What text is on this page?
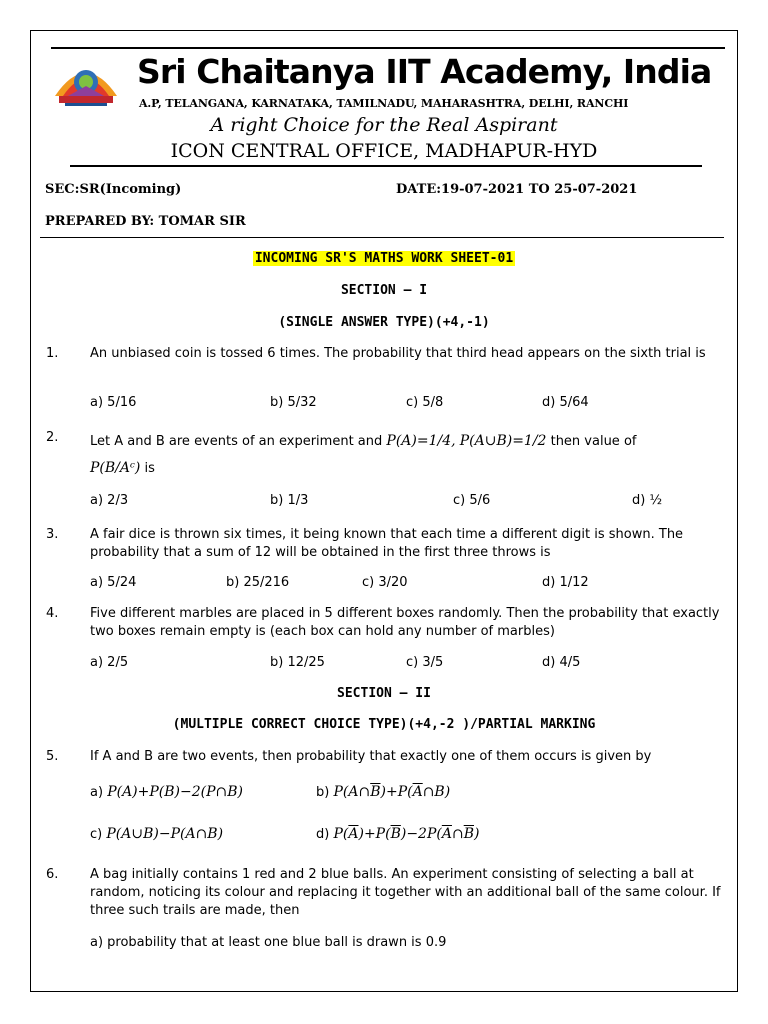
Sri Chaitanya IIT Academy, India
A.P, TELANGANA, KARNATAKA, TAMILNADU, MAHARASHTRA, DELHI, RANCHI
A right Choice for the Real Aspirant
ICON CENTRAL OFFICE, MADHAPUR-HYD
SEC:SR(Incoming)	DATE:19-07-2021 TO 25-07-2021
PREPARED BY: TOMAR SIR
INCOMING SR'S MATHS WORK SHEET-01
SECTION – I
(SINGLE ANSWER TYPE)(+4,-1)
1. An unbiased coin is tossed 6 times. The probability that third head appears on the sixth trial is
a) 5/16	b) 5/32	c) 5/8	d) 5/64
2. Let A and B are events of an experiment and P(A)=1/4, P(A∪B)=1/2 then value of
P(B/Aᶜ) is
a) 2/3	b) 1/3	c) 5/6	d) ½
3. A fair dice is thrown six times, it being known that each time a different digit is shown. The probability that a sum of 12 will be obtained in the first three throws is
a) 5/24	b) 25/216	c) 3/20	d) 1/12
4. Five different marbles are placed in 5 different boxes randomly. Then the probability that exactly two boxes remain empty is (each box can hold any number of marbles)
a) 2/5	b) 12/25	c) 3/5	d) 4/5
SECTION – II
(MULTIPLE CORRECT CHOICE TYPE)(+4,-2 )/PARTIAL MARKING
5. If A and B are two events, then probability that exactly one of them occurs is given by
a) P(A)+P(B)−2(P∩B)	b) $P(A\cap\overline{B})+P(\overline{A}\cap B)$
c) P(A∪B)−P(A∩B)	d) $P(\overline{A})+P(\overline{B})-2P(\overline{A}\cap\overline{B})$
6. A bag initially contains 1 red and 2 blue balls. An experiment consisting of selecting a ball at random, noticing its colour and replacing it together with an additional ball of the same colour. If three such trails are made, then
a) probability that at least one blue ball is drawn is 0.9
